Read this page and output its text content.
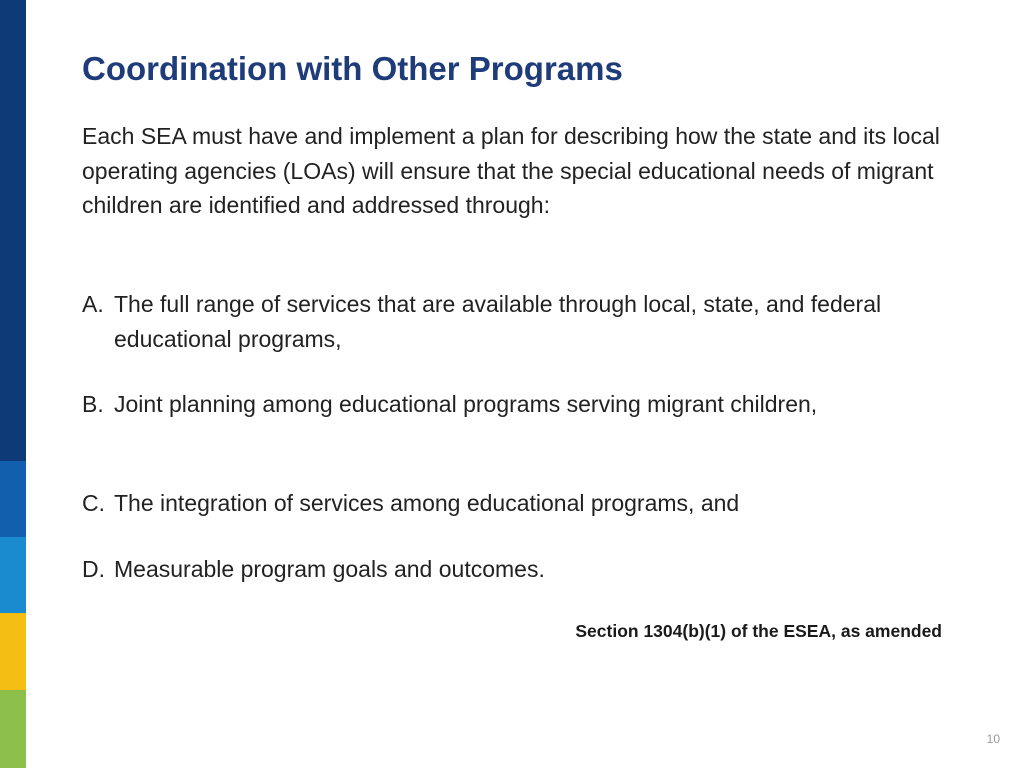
Coordination with Other Programs

Each SEA must have and implement a plan for describing how the state and its local operating agencies (LOAs) will ensure that the special educational needs of migrant children are identified and addressed through:

A. The full range of services that are available through local, state, and federal educational programs,
B. Joint planning among educational programs serving migrant children,
C. The integration of services among educational programs, and
D. Measurable program goals and outcomes.
Section 1304(b)(1) of the ESEA, as amended
10
